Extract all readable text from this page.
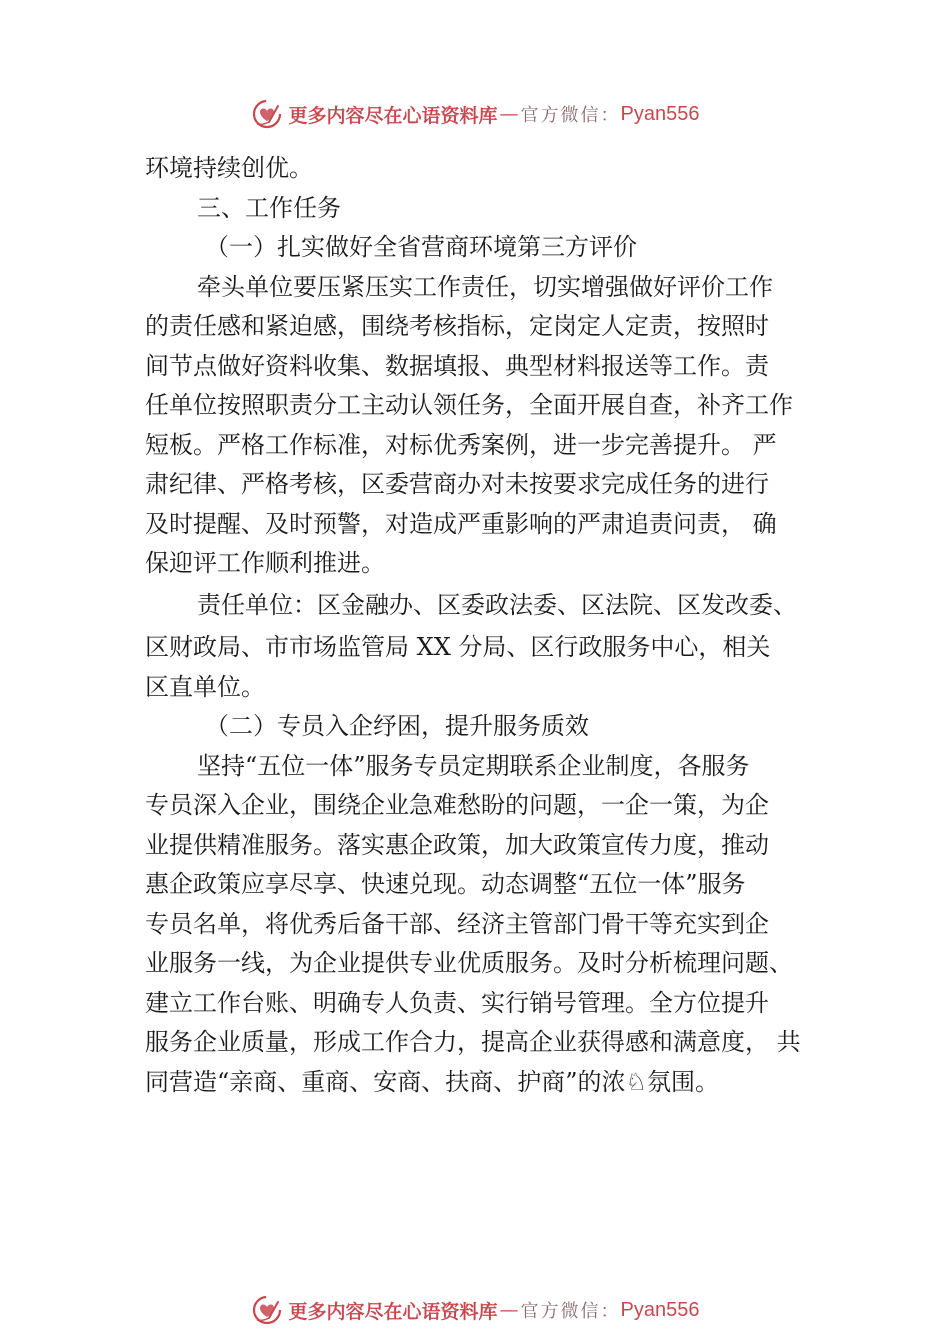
更多内容尽在心语资料库 — 官方微信： Pyan556
环境持续创优。
三、工作任务
（一）扎实做好全省营商环境第三方评价
牵头单位要压紧压实工作责任，切实增强做好评价工作
的责任感和紧迫感，围绕考核指标，定岗定人定责，按照时
间节点做好资料收集、数据填报、典型材料报送等工作。责
任单位按照职责分工主动认领任务，全面开展自查，补齐工作
短板。严格工作标准，对标优秀案例，进一步完善提升。 严
肃纪律、严格考核，区委营商办对未按要求完成任务的进行
及时提醒、及时预警，对造成严重影响的严肃追责问责， 确
保迎评工作顺利推进。
责任单位：区金融办、区委政法委、区法院、区发改委、
区财政局、市市场监管局 XX 分局、区行政服务中心，相关
区直单位。
（二）专员入企纾困，提升服务质效
坚持“五位一体”服务专员定期联系企业制度，各服务
专员深入企业，围绕企业急难愁盼的问题，一企一策，为企
业提供精准服务。落实惠企政策，加大政策宣传力度，推动
惠企政策应享尽享、快速兑现。动态调整“五位一体”服务
专员名单，将优秀后备干部、经济主管部门骨干等充实到企
业服务一线，为企业提供专业优质服务。及时分析梳理问题、
建立工作台账、明确专人负责、实行销号管理。全方位提升
服务企业质量，形成工作合力，提高企业获得感和满意度， 共
同营造“亲商、重商、安商、扶商、护商”的浓♘氛围。
更多内容尽在心语资料库 — 官方微信： Pyan556
